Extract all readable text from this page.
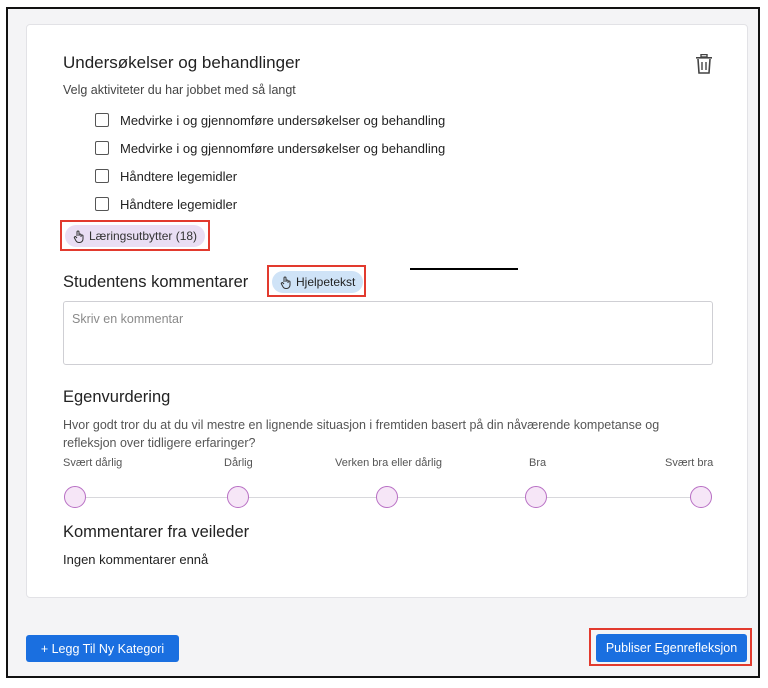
Undersøkelser og behandlinger
Velg aktiviteter du har jobbet med så langt
Medvirke i og gjennomføre undersøkelser og behandling
Medvirke i og gjennomføre undersøkelser og behandling
Håndtere legemidler
Håndtere legemidler
Læringsutbytter (18)
Studentens kommentarer	Hjelpetekst
Skriv en kommentar
Egenvurdering
Hvor godt tror du at du vil mestre en lignende situasjon i fremtiden basert på din nåværende kompetanse og refleksjon over tidligere erfaringer?
Svært dårlig	Dårlig	Verken bra eller dårlig	Bra	Svært bra
Kommentarer fra veileder
Ingen kommentarer ennå
+ Legg Til Ny Kategori	Publiser Egenrefleksjon
